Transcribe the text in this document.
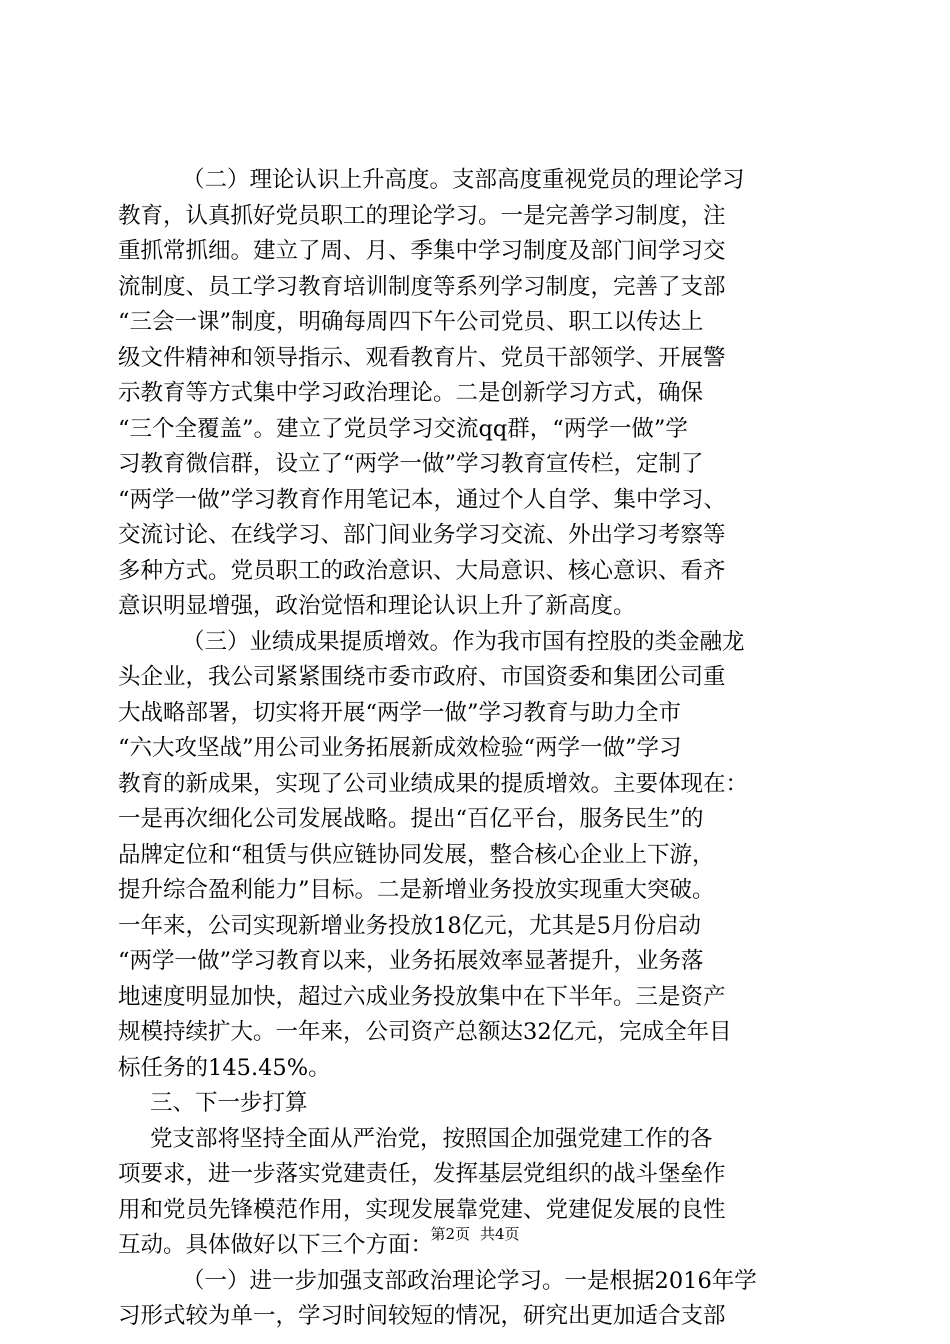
（二）理论认识上升高度。支部高度重视党员的理论学习
教育，认真抓好党员职工的理论学习。一是完善学习制度，注
重抓常抓细。建立了周、月、季集中学习制度及部门间学习交
流制度、员工学习教育培训制度等系列学习制度，完善了支部
“三会一课”制度，明确每周四下午公司党员、职工以传达上
级文件精神和领导指示、观看教育片、党员干部领学、开展警
示教育等方式集中学习政治理论。二是创新学习方式，确保
“三个全覆盖”。建立了党员学习交流qq群，“两学一做”学
习教育微信群，设立了“两学一做”学习教育宣传栏，定制了
“两学一做”学习教育作用笔记本，通过个人自学、集中学习、
交流讨论、在线学习、部门间业务学习交流、外出学习考察等
多种方式。党员职工的政治意识、大局意识、核心意识、看齐
意识明显增强，政治觉悟和理论认识上升了新高度。
（三）业绩成果提质增效。作为我市国有控股的类金融龙
头企业，我公司紧紧围绕市委市政府、市国资委和集团公司重
大战略部署，切实将开展“两学一做”学习教育与助力全市
“六大攻坚战”用公司业务拓展新成效检验“两学一做”学习
教育的新成果，实现了公司业绩成果的提质增效。主要体现在：
一是再次细化公司发展战略。提出“百亿平台，服务民生”的
品牌定位和“租赁与供应链协同发展，整合核心企业上下游，
提升综合盈利能力”目标。二是新增业务投放实现重大突破。
一年来，公司实现新增业务投放18亿元，尤其是5月份启动
“两学一做”学习教育以来，业务拓展效率显著提升，业务落
地速度明显加快，超过六成业务投放集中在下半年。三是资产
规模持续扩大。一年来，公司资产总额达32亿元，完成全年目
标任务的145.45%。
三、下一步打算
党支部将坚持全面从严治党，按照国企加强党建工作的各
项要求，进一步落实党建责任，发挥基层党组织的战斗堡垒作
用和党员先锋模范作用，实现发展靠党建、党建促发展的良性
互动。具体做好以下三个方面：
（一）进一步加强支部政治理论学习。一是根据2016年学
习形式较为单一，学习时间较短的情况，研究出更加适合支部
第2页 共4页
